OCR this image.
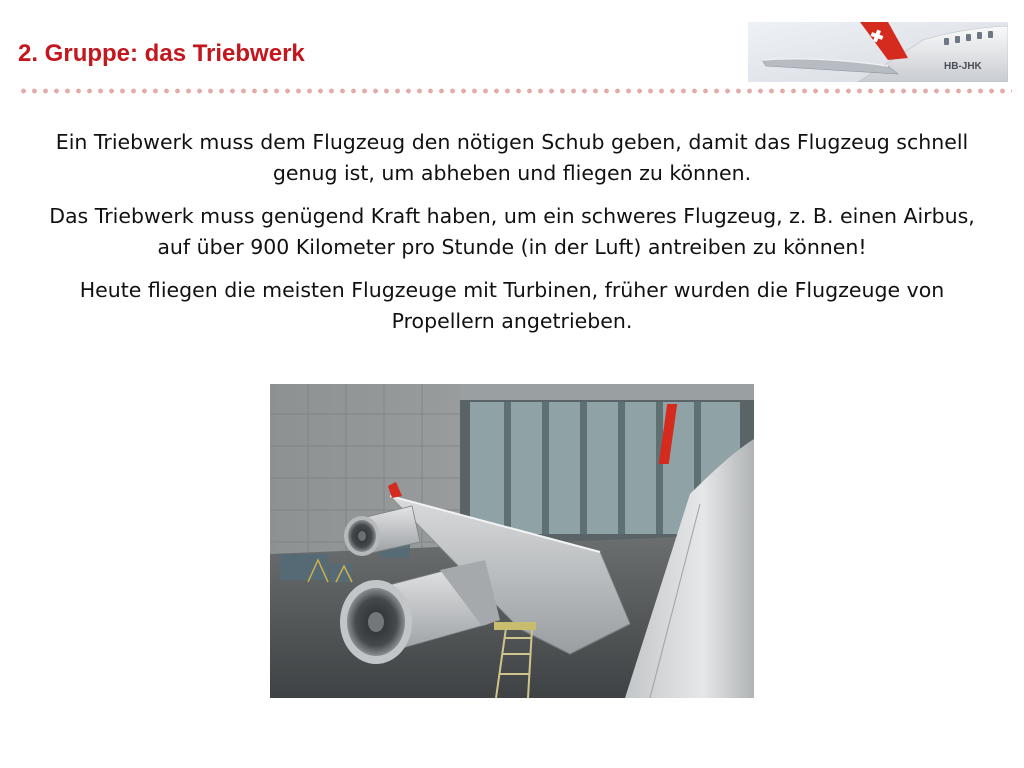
2. Gruppe: das Triebwerk	HB-JHK

Ein Triebwerk muss dem Flugzeug den nötigen Schub geben, damit das Flugzeug schnell genug ist, um abheben und fliegen zu können.

Das Triebwerk muss genügend Kraft haben, um ein schweres Flugzeug, z. B. einen Airbus, auf über 900 Kilometer pro Stunde (in der Luft) antreiben zu können!

Heute fliegen die meisten Flugzeuge mit Turbinen, früher wurden die Flugzeuge von Propellern angetrieben.
